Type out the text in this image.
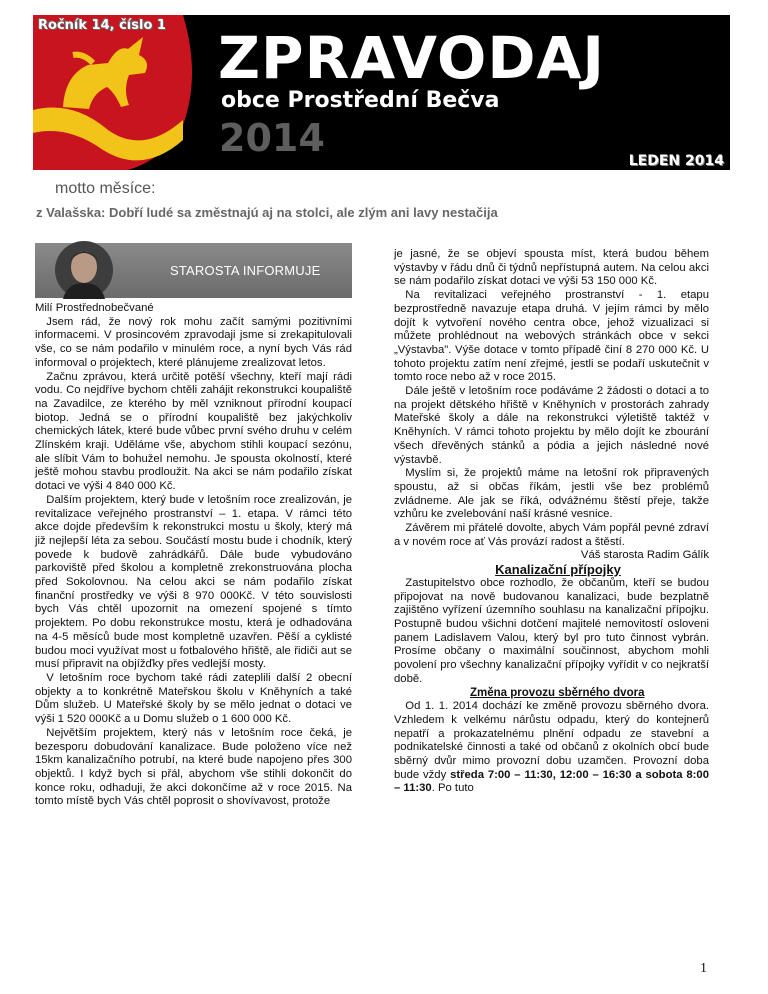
Ročník 14, číslo 1 ZPRAVODAJ
obce Prostřední Bečva
2014
LEDEN 2014
motto měsíce:
z Valašska: Dobří ludé sa změstnajú aj na stolci, ale zlým ani lavy nestačija
STAROSTA INFORMUJE

Milí Prostřednobečvané

Jsem rád, že nový rok mohu začít samými pozitivními informacemi. V prosincovém zpravodaji jsme si zrekapitulovali vše, co se nám podařilo v minulém roce, a nyní bych Vás rád informoval o projektech, které plánujeme zrealizovat letos.

Začnu zprávou, která určitě potěší všechny, kteří mají rádi vodu. Co nejdříve bychom chtěli zahájit rekonstrukci koupaliště na Zavadilce, ze kterého by měl vzniknout přírodní koupací biotop. Jedná se o přírodní koupaliště bez jakýchkoliv chemických látek, které bude vůbec první svého druhu v celém Zlínském kraji. Uděláme vše, abychom stihli koupací sezónu, ale slíbit Vám to bohužel nemohu. Je spousta okolností, které ještě mohou stavbu prodloužit. Na akci se nám podařilo získat dotaci ve výši 4 840 000 Kč.

Dalším projektem, který bude v letošním roce zrealizován, je revitalizace veřejného prostranství – 1. etapa. V rámci této akce dojde především k rekonstrukci mostu u školy, který má již nejlepší léta za sebou. Součástí mostu bude i chodník, který povede k budově zahrádkářů. Dále bude vybudováno parkoviště před školou a kompletně zrekonstruována plocha před Sokolovnou. Na celou akci se nám podařilo získat finanční prostředky ve výši 8 970 000Kč. V této souvislosti bych Vás chtěl upozornit na omezení spojené s tímto projektem. Po dobu rekonstrukce mostu, která je odhadována na 4-5 měsíců bude most kompletně uzavřen. Pěší a cyklisté budou moci využívat most u fotbalového hřiště, ale řidiči aut se musí připravit na objížďky přes vedlejší mosty.

V letošním roce bychom také rádi zateplili další 2 obecní objekty a to konkrétně Mateřskou školu v Kněhyních a také Dům služeb. U Mateřské školy by se mělo jednat o dotaci ve výši 1 520 000Kč a u Domu služeb o 1 600 000 Kč.

Největším projektem, který nás v letošním roce čeká, je bezesporu dobudování kanalizace. Bude položeno více než 15km kanalizačního potrubí, na které bude napojeno přes 300 objektů. I když bych si přál, abychom vše stihli dokončit do konce roku, odhaduji, že akci dokončíme až v roce 2015. Na tomto místě bych Vás chtěl poprosit o shovívavost, protože

je jasné, že se objeví spousta míst, která budou během výstavby v řádu dnů či týdnů nepřístupná autem. Na celou akci se nám podařilo získat dotaci ve výši 53 150 000 Kč.

Na revitalizaci veřejného prostranství - 1. etapu bezprostředně navazuje etapa druhá. V jejím rámci by mělo dojít k vytvoření nového centra obce, jehož vizualizaci si můžete prohlédnout na webových stránkách obce v sekci „Výstavba". Výše dotace v tomto případě činí 8 270 000 Kč. U tohoto projektu zatím není zřejmé, jestli se podaří uskutečnit v tomto roce nebo až v roce 2015.

Dále ještě v letošním roce podáváme 2 žádosti o dotaci a to na projekt dětského hřiště v Kněhyních v prostorách zahrady Mateřské školy a dále na rekonstrukci výletiště taktéž v Kněhyních. V rámci tohoto projektu by mělo dojít ke zbourání všech dřevěných stánků a pódia a jejich následné nové výstavbě.

Myslím si, že projektů máme na letošní rok připravených spoustu, až si občas říkám, jestli vše bez problémů zvládneme. Ale jak se říká, odvážnému štěstí přeje, takže vzhůru ke zvelebování naší krásné vesnice.

Závěrem mi přátelé dovolte, abych Vám popřál pevné zdraví a v novém roce ať Vás provází radost a štěstí.

Váš starosta Radim Gálík

Kanalizační přípojky

Zastupitelstvo obce rozhodlo, že občanům, kteří se budou připojovat na nově budovanou kanalizaci, bude bezplatně zajištěno vyřízení územního souhlasu na kanalizační přípojku. Postupně budou všichni dotčení majitelé nemovitostí osloveni panem Ladislavem Valou, který byl pro tuto činnost vybrán. Prosíme občany o maximální součinnost, abychom mohli povolení pro všechny kanalizační přípojky vyřídit v co nejkratší době.

Změna provozu sběrného dvora

Od 1. 1. 2014 dochází ke změně provozu sběrného dvora. Vzhledem k velkému nárůstu odpadu, který do kontejnerů nepatří a prokazatelnému plnění odpadu ze stavební a podnikatelské činnosti a také od občanů z okolních obcí bude sběrný dvůr mimo provozní dobu uzamčen. Provozní doba bude vždy středa 7:00 – 11:30, 12:00 – 16:30 a sobota 8:00 – 11:30. Po tuto

1
